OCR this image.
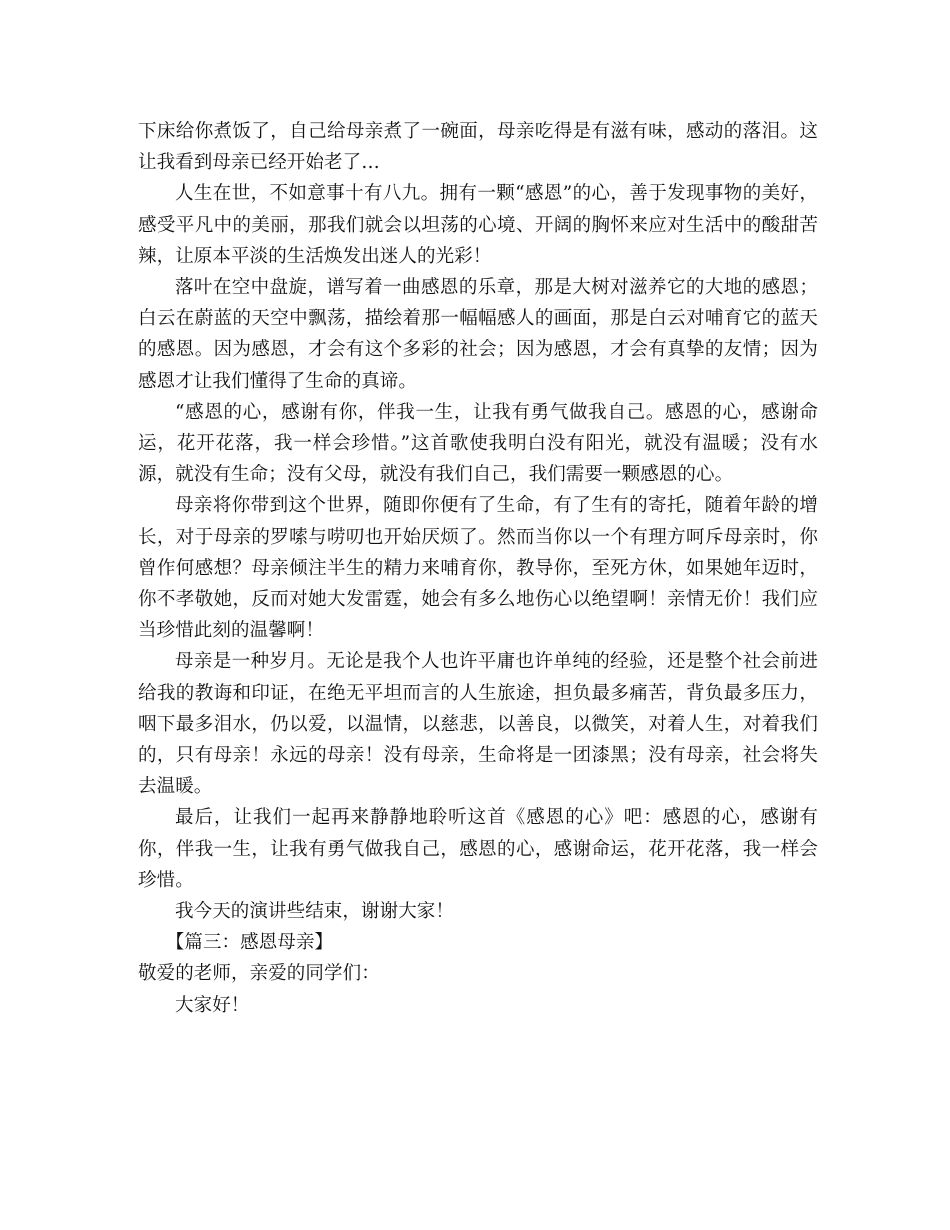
下床给你煮饭了，自己给母亲煮了一碗面，母亲吃得是有滋有味，感动的落泪。这让我看到母亲已经开始老了…

人生在世，不如意事十有八九。拥有一颗“感恩”的心，善于发现事物的美好，感受平凡中的美丽，那我们就会以坦荡的心境、开阔的胸怀来应对生活中的酸甜苦辣，让原本平淡的生活焕发出迷人的光彩！

落叶在空中盘旋，谱写着一曲感恩的乐章，那是大树对滋养它的大地的感恩；白云在蔚蓝的天空中飘荡，描绘着那一幅幅感人的画面，那是白云对哺育它的蓝天的感恩。因为感恩，才会有这个多彩的社会；因为感恩，才会有真挚的友情；因为感恩才让我们懂得了生命的真谛。

“感恩的心，感谢有你，伴我一生，让我有勇气做我自己。感恩的心，感谢命运，花开花落，我一样会珍惜。”这首歌使我明白没有阳光，就没有温暖；没有水源，就没有生命；没有父母，就没有我们自己，我们需要一颗感恩的心。

母亲将你带到这个世界，随即你便有了生命，有了生有的寄托，随着年龄的增长，对于母亲的罗嗦与唠叨也开始厌烦了。然而当你以一个有理方呵斥母亲时，你曾作何感想？母亲倾注半生的精力来哺育你，教导你，至死方休，如果她年迈时，你不孝敬她，反而对她大发雷霆，她会有多么地伤心以绝望啊！亲情无价！我们应当珍惜此刻的温馨啊！

母亲是一种岁月。无论是我个人也许平庸也许单纯的经验，还是整个社会前进给我的教诲和印证，在绝无平坦而言的人生旅途，担负最多痛苦，背负最多压力，咽下最多泪水，仍以爱，以温情，以慈悲，以善良，以微笑，对着人生，对着我们的，只有母亲！永远的母亲！没有母亲，生命将是一团漆黑；没有母亲，社会将失去温暖。

最后，让我们一起再来静静地聆听这首《感恩的心》吧：感恩的心，感谢有你，伴我一生，让我有勇气做我自己，感恩的心，感谢命运，花开花落，我一样会珍惜。

我今天的演讲些结束，谢谢大家！

【篇三：感恩母亲】

敬爱的老师，亲爱的同学们：

大家好！
